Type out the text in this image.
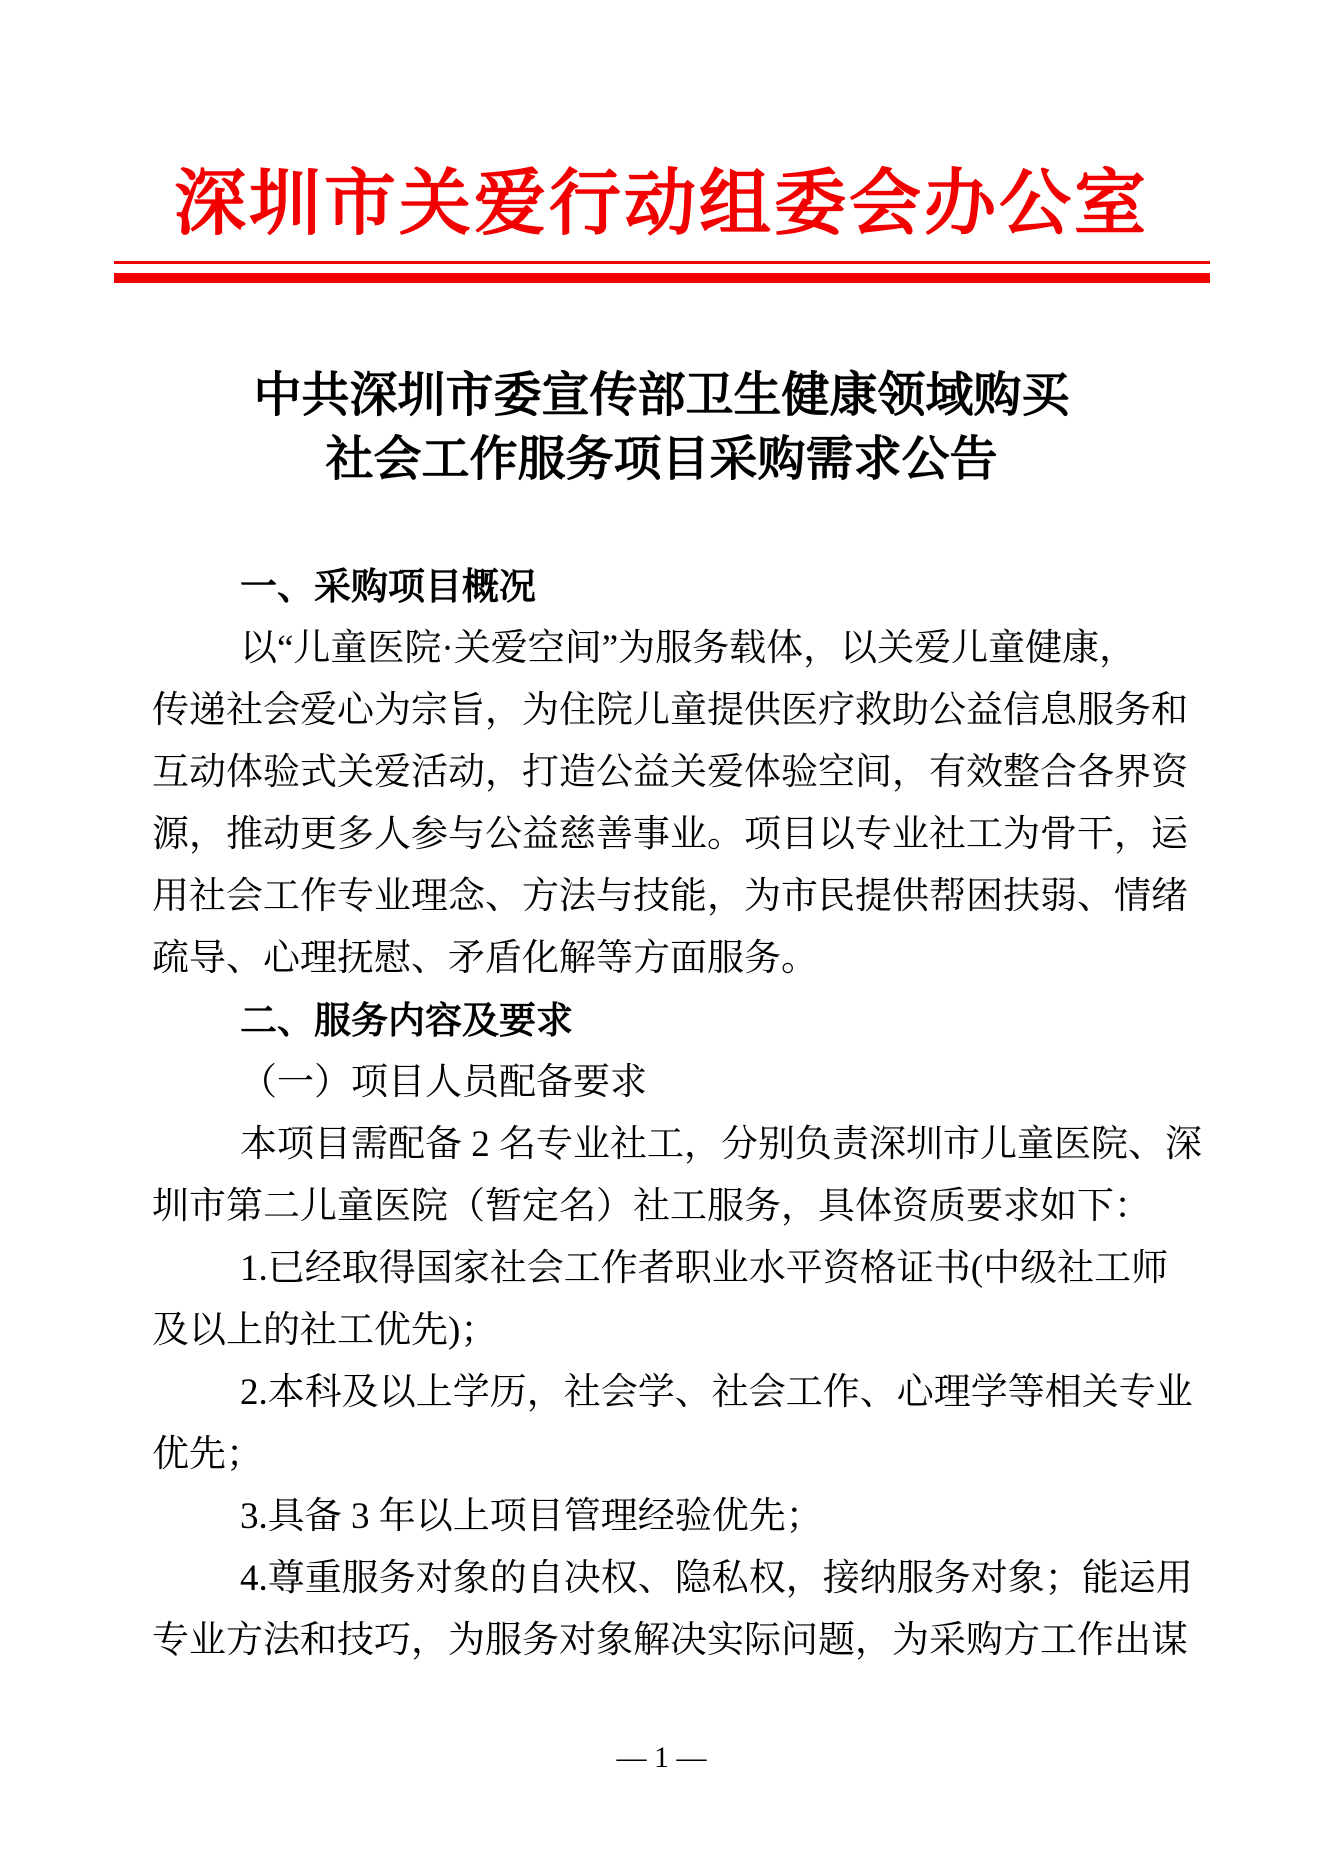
深圳市关爱行动组委会办公室
中共深圳市委宣传部卫生健康领域购买
社会工作服务项目采购需求公告
一、采购项目概况
以“儿童医院·关爱空间”为服务载体，以关爱儿童健康，
传递社会爱心为宗旨，为住院儿童提供医疗救助公益信息服务和
互动体验式关爱活动，打造公益关爱体验空间，有效整合各界资
源，推动更多人参与公益慈善事业。项目以专业社工为骨干，运
用社会工作专业理念、方法与技能，为市民提供帮困扶弱、情绪
疏导、心理抚慰、矛盾化解等方面服务。
二、服务内容及要求
（一）项目人员配备要求
本项目需配备 2 名专业社工，分别负责深圳市儿童医院、深
圳市第二儿童医院（暂定名）社工服务，具体资质要求如下：
1.已经取得国家社会工作者职业水平资格证书(中级社工师
及以上的社工优先)；
2.本科及以上学历，社会学、社会工作、心理学等相关专业
优先；
3.具备 3 年以上项目管理经验优先；
4.尊重服务对象的自决权、隐私权，接纳服务对象；能运用
专业方法和技巧，为服务对象解决实际问题，为采购方工作出谋
— 1 —
